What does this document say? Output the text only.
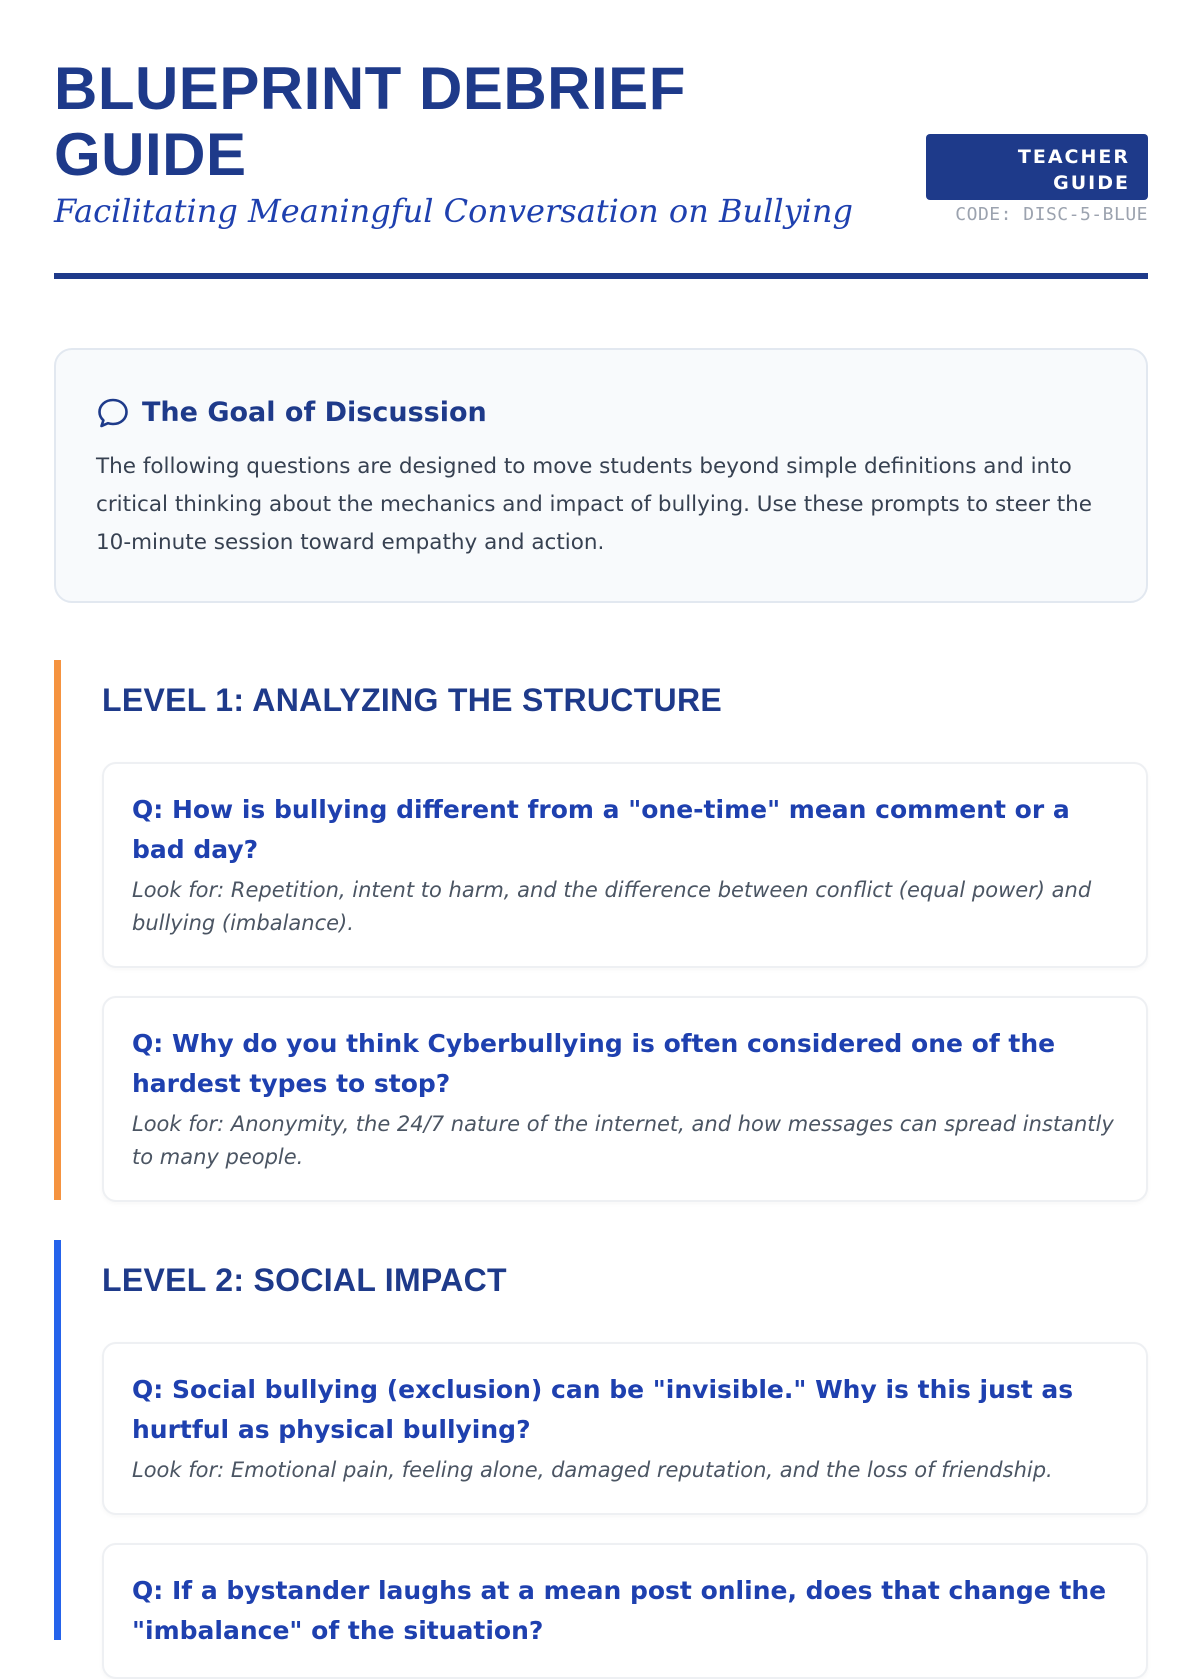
BLUEPRINT DEBRIEF GUIDE

Facilitating Meaningful Conversation on Bullying

TEACHER GUIDE
CODE: DISC-5-BLUE
The Goal of Discussion

The following questions are designed to move students beyond simple definitions and into critical thinking about the mechanics and impact of bullying. Use these prompts to steer the 10-minute session toward empathy and action.

LEVEL 1: ANALYZING THE STRUCTURE

Q: How is bullying different from a "one-time" mean comment or a bad day?

Look for: Repetition, intent to harm, and the difference between conflict (equal power) and bullying (imbalance).

Q: Why do you think Cyberbullying is often considered one of the hardest types to stop?

Look for: Anonymity, the 24/7 nature of the internet, and how messages can spread instantly to many people.

LEVEL 2: SOCIAL IMPACT

Q: Social bullying (exclusion) can be "invisible." Why is this just as hurtful as physical bullying?

Look for: Emotional pain, feeling alone, damaged reputation, and the loss of friendship.

Q: If a bystander laughs at a mean post online, does that change the "imbalance" of the situation?
